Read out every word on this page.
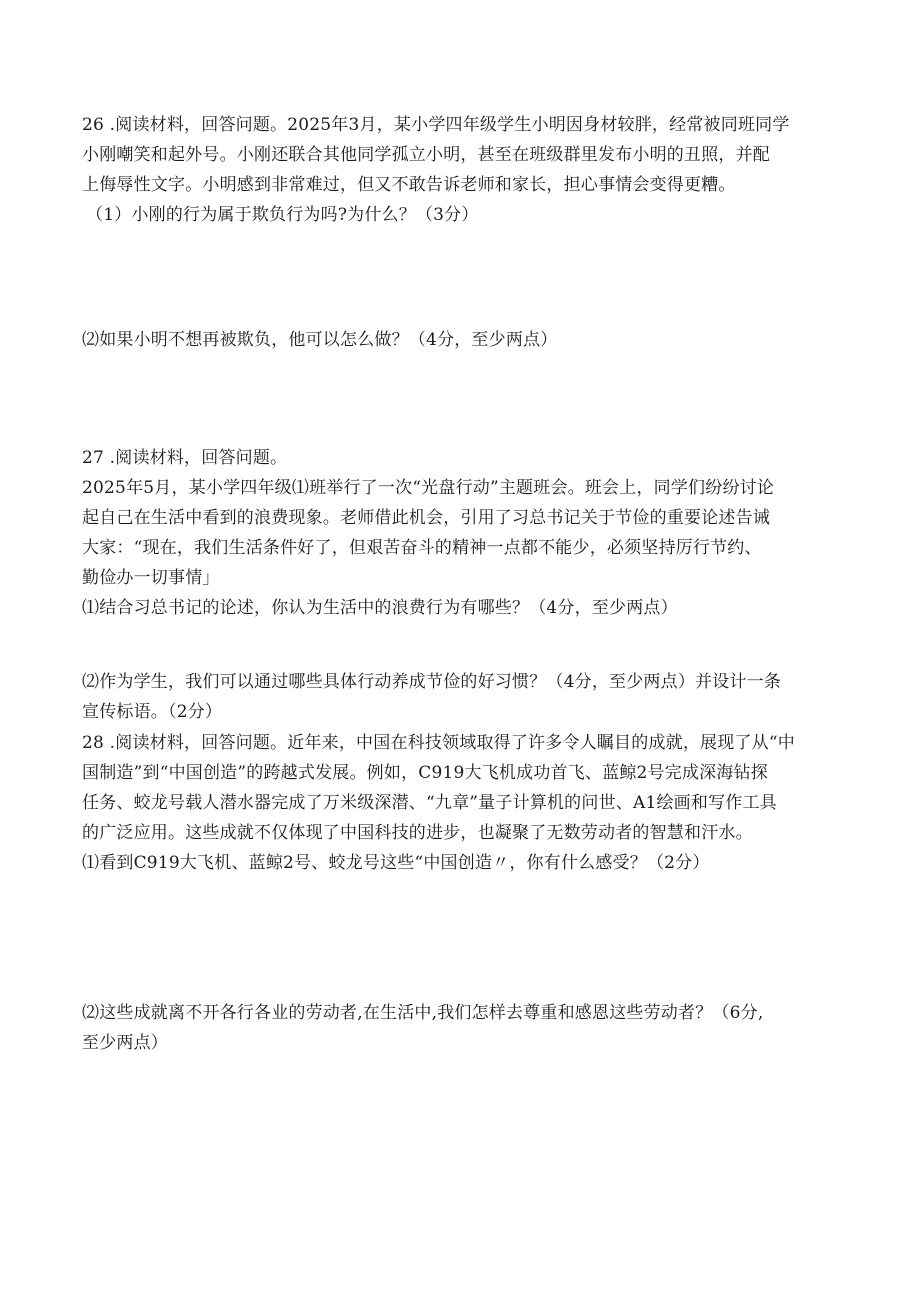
26 .阅读材料，回答问题。2025年3月，某小学四年级学生小明因身材较胖，经常被同班同学
小刚嘲笑和起外号。小刚还联合其他同学孤立小明，甚至在班级群里发布小明的丑照，并配
上侮辱性文字。小明感到非常难过，但又不敢告诉老师和家长，担心事情会变得更糟。
（1）小刚的行为属于欺负行为吗?为什么？（3分）
⑵如果小明不想再被欺负，他可以怎么做？（4分，至少两点）
27 .阅读材料，回答问题。
2025年5月，某小学四年级⑴班举行了一次“光盘行动”主题班会。班会上，同学们纷纷讨论
起自己在生活中看到的浪费现象。老师借此机会，引用了习总书记关于节俭的重要论述告诫
大家：“现在，我们生活条件好了，但艰苦奋斗的精神一点都不能少，必须坚持厉行节约、
勤俭办一切事情」
⑴结合习总书记的论述，你认为生活中的浪费行为有哪些？（4分，至少两点）
⑵作为学生，我们可以通过哪些具体行动养成节俭的好习惯？（4分，至少两点）并设计一条
宣传标语。（2分）
28 .阅读材料，回答问题。近年来，中国在科技领域取得了许多令人瞩目的成就，展现了从“中
国制造”到“中国创造”的跨越式发展。例如，C919大飞机成功首飞、蓝鲸2号完成深海钻探
任务、蛟龙号载人潜水器完成了万米级深潜、“九章”量子计算机的问世、A1绘画和写作工具
的广泛应用。这些成就不仅体现了中国科技的进步，也凝聚了无数劳动者的智慧和汗水。
⑴看到C919大飞机、蓝鲸2号、蛟龙号这些“中国创造〃，你有什么感受？（2分）
⑵这些成就离不开各行各业的劳动者,在生活中,我们怎样去尊重和感恩这些劳动者？（6分,
至少两点）
